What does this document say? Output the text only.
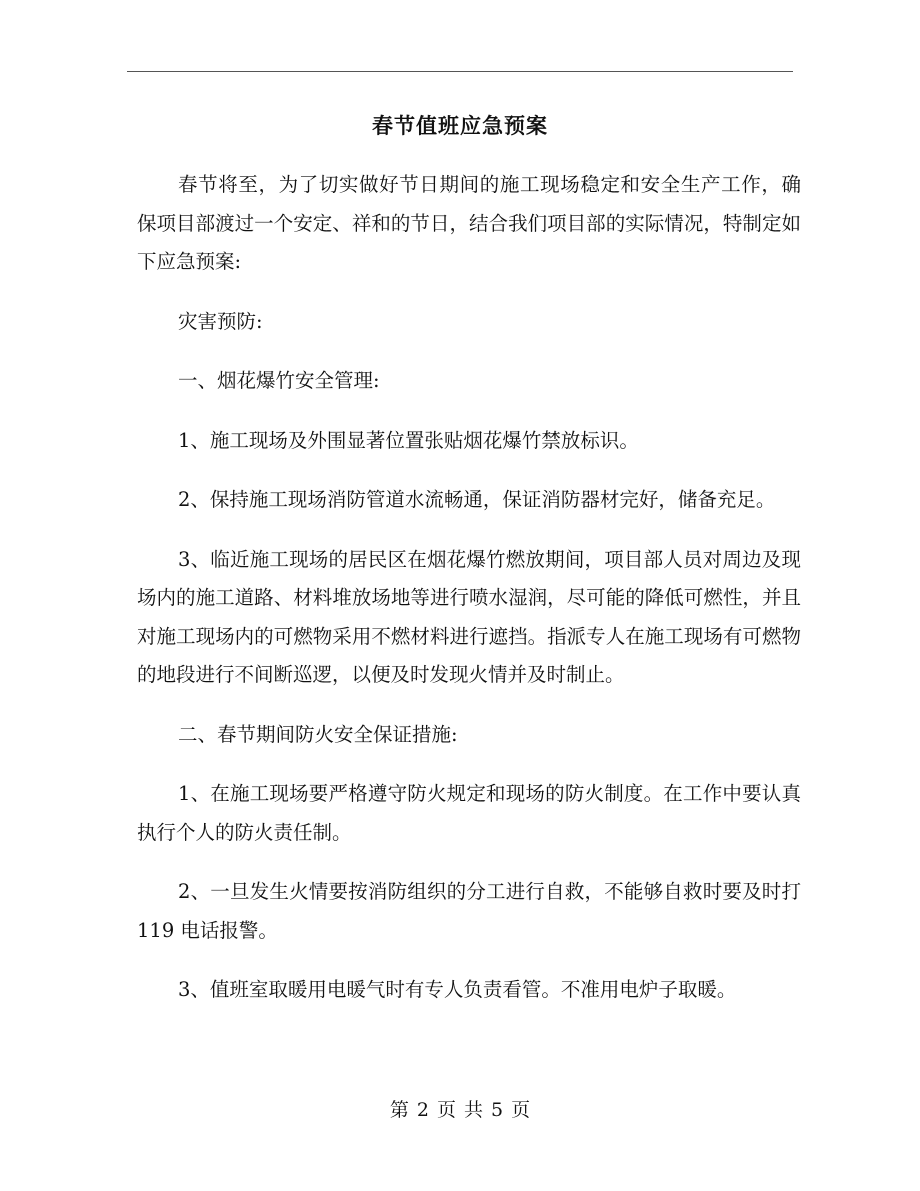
春节值班应急预案

春节将至，为了切实做好节日期间的施工现场稳定和安全生产工作，确保项目部渡过一个安定、祥和的节日，结合我们项目部的实际情况，特制定如下应急预案:

灾害预防:

一、烟花爆竹安全管理:

1、施工现场及外围显著位置张贴烟花爆竹禁放标识。

2、保持施工现场消防管道水流畅通，保证消防器材完好，储备充足。

3、临近施工现场的居民区在烟花爆竹燃放期间，项目部人员对周边及现场内的施工道路、材料堆放场地等进行喷水湿润，尽可能的降低可燃性，并且对施工现场内的可燃物采用不燃材料进行遮挡。指派专人在施工现场有可燃物的地段进行不间断巡逻，以便及时发现火情并及时制止。

二、春节期间防火安全保证措施:

1、在施工现场要严格遵守防火规定和现场的防火制度。在工作中要认真执行个人的防火责任制。

2、一旦发生火情要按消防组织的分工进行自救，不能够自救时要及时打 119 电话报警。

3、值班室取暖用电暖气时有专人负责看管。不准用电炉子取暖。

第 2 页 共 5 页
